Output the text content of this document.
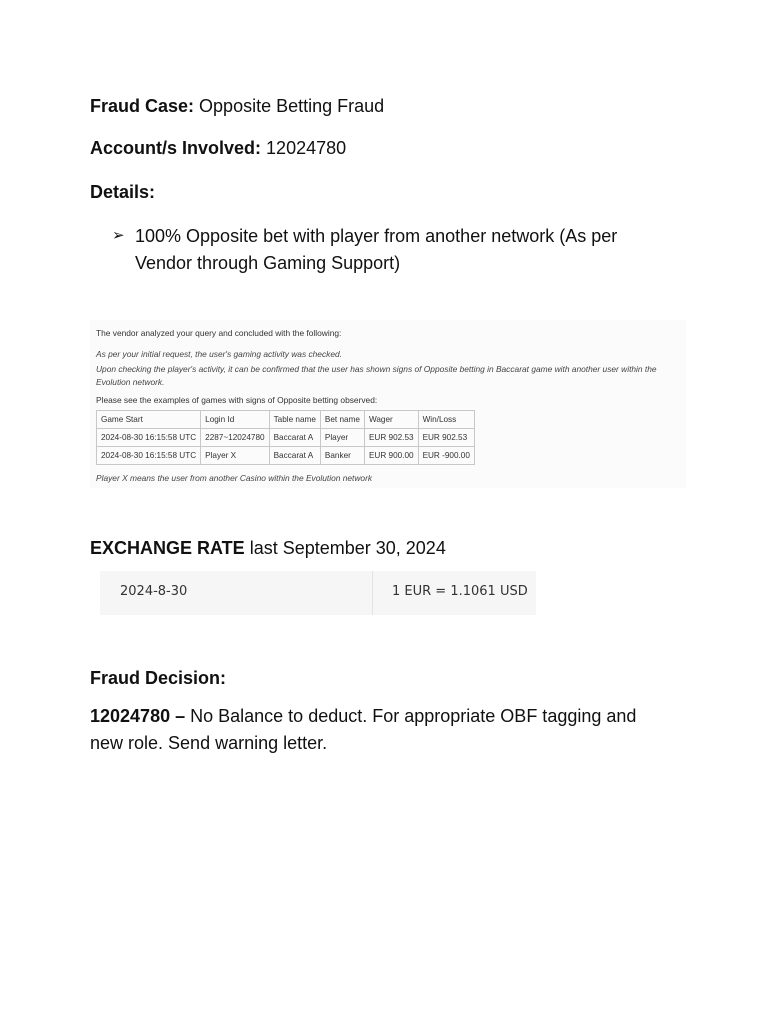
Fraud Case: Opposite Betting Fraud
Account/s Involved: 12024780
Details:
➢ 100% Opposite bet with player from another network (As per Vendor through Gaming Support)
The vendor analyzed your query and concluded with the following:
As per your initial request, the user's gaming activity was checked.
Upon checking the player's activity, it can be confirmed that the user has shown signs of Opposite betting in Baccarat game with another user within the Evolution network.
Please see the examples of games with signs of Opposite betting observed:
Game Start	Login Id	Table name	Bet name	Wager	Win/Loss
2024-08-30 16:15:58 UTC	2287~12024780	Baccarat A	Player	EUR 902.53	EUR 902.53
2024-08-30 16:15:58 UTC	Player X	Baccarat A	Banker	EUR 900.00	EUR -900.00
Player X means the user from another Casino within the Evolution network
EXCHANGE RATE last September 30, 2024
2024-8-30	1 EUR = 1.1061 USD
Fraud Decision:
12024780 – No Balance to deduct. For appropriate OBF tagging and new role. Send warning letter.
